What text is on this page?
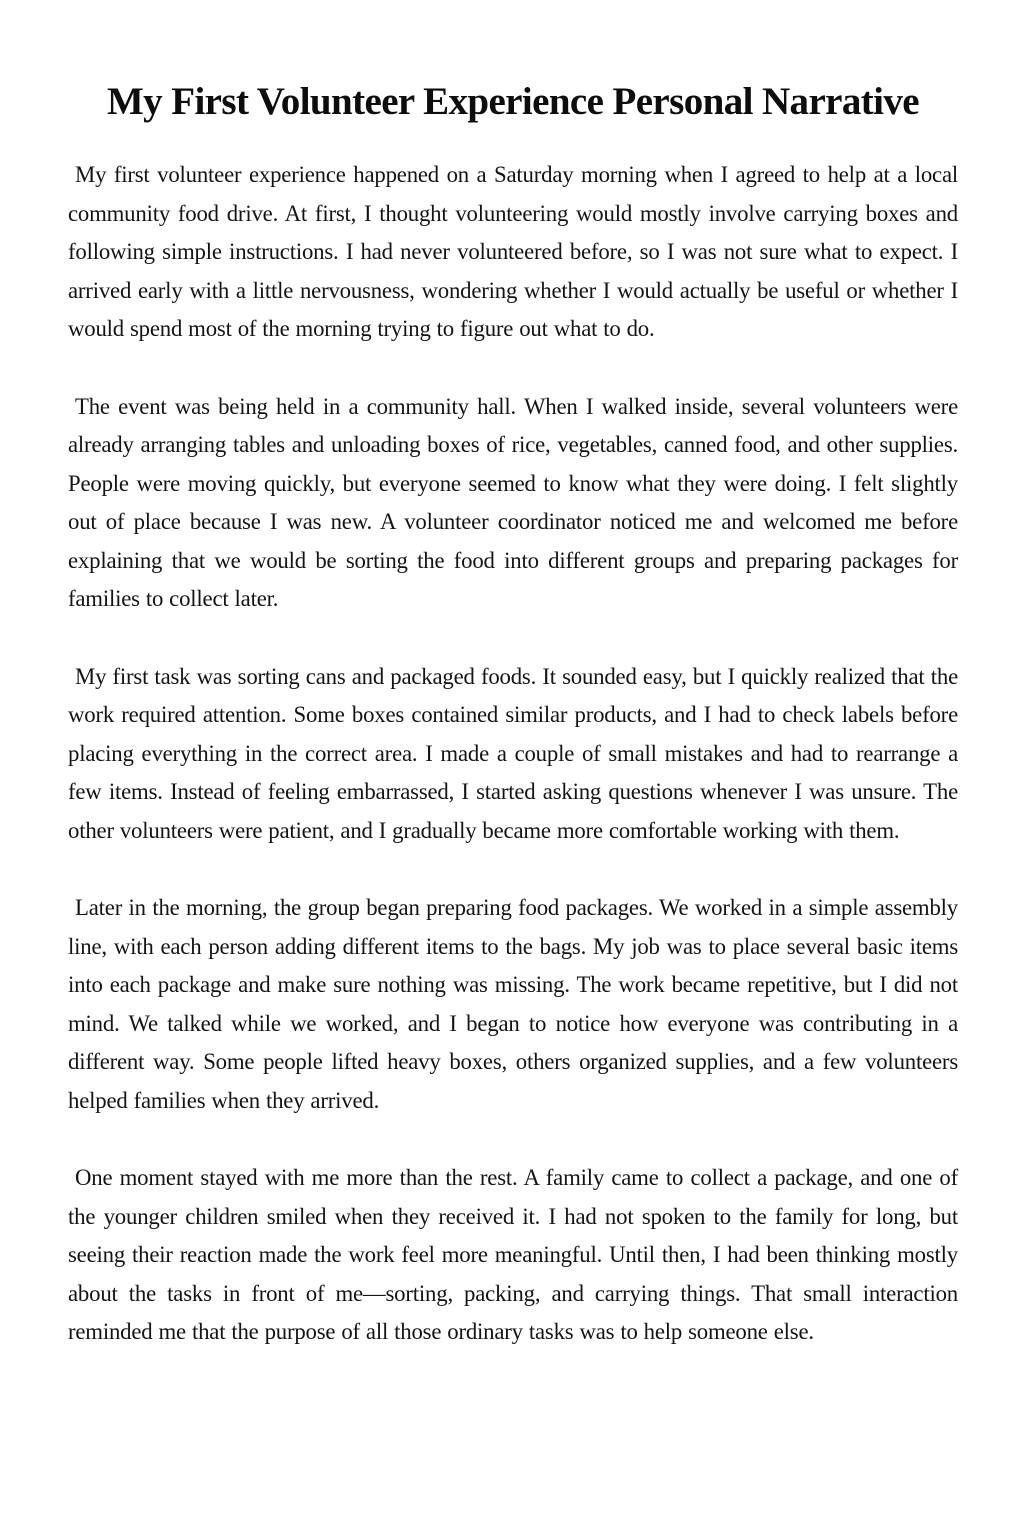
My First Volunteer Experience Personal Narrative

My first volunteer experience happened on a Saturday morning when I agreed to help at a local community food drive. At first, I thought volunteering would mostly involve carrying boxes and following simple instructions. I had never volunteered before, so I was not sure what to expect. I arrived early with a little nervousness, wondering whether I would actually be useful or whether I would spend most of the morning trying to figure out what to do.

The event was being held in a community hall. When I walked inside, several volunteers were already arranging tables and unloading boxes of rice, vegetables, canned food, and other supplies. People were moving quickly, but everyone seemed to know what they were doing. I felt slightly out of place because I was new. A volunteer coordinator noticed me and welcomed me before explaining that we would be sorting the food into different groups and preparing packages for families to collect later.

My first task was sorting cans and packaged foods. It sounded easy, but I quickly realized that the work required attention. Some boxes contained similar products, and I had to check labels before placing everything in the correct area. I made a couple of small mistakes and had to rearrange a few items. Instead of feeling embarrassed, I started asking questions whenever I was unsure. The other volunteers were patient, and I gradually became more comfortable working with them.

Later in the morning, the group began preparing food packages. We worked in a simple assembly line, with each person adding different items to the bags. My job was to place several basic items into each package and make sure nothing was missing. The work became repetitive, but I did not mind. We talked while we worked, and I began to notice how everyone was contributing in a different way. Some people lifted heavy boxes, others organized supplies, and a few volunteers helped families when they arrived.

One moment stayed with me more than the rest. A family came to collect a package, and one of the younger children smiled when they received it. I had not spoken to the family for long, but seeing their reaction made the work feel more meaningful. Until then, I had been thinking mostly about the tasks in front of me—sorting, packing, and carrying things. That small interaction reminded me that the purpose of all those ordinary tasks was to help someone else.
